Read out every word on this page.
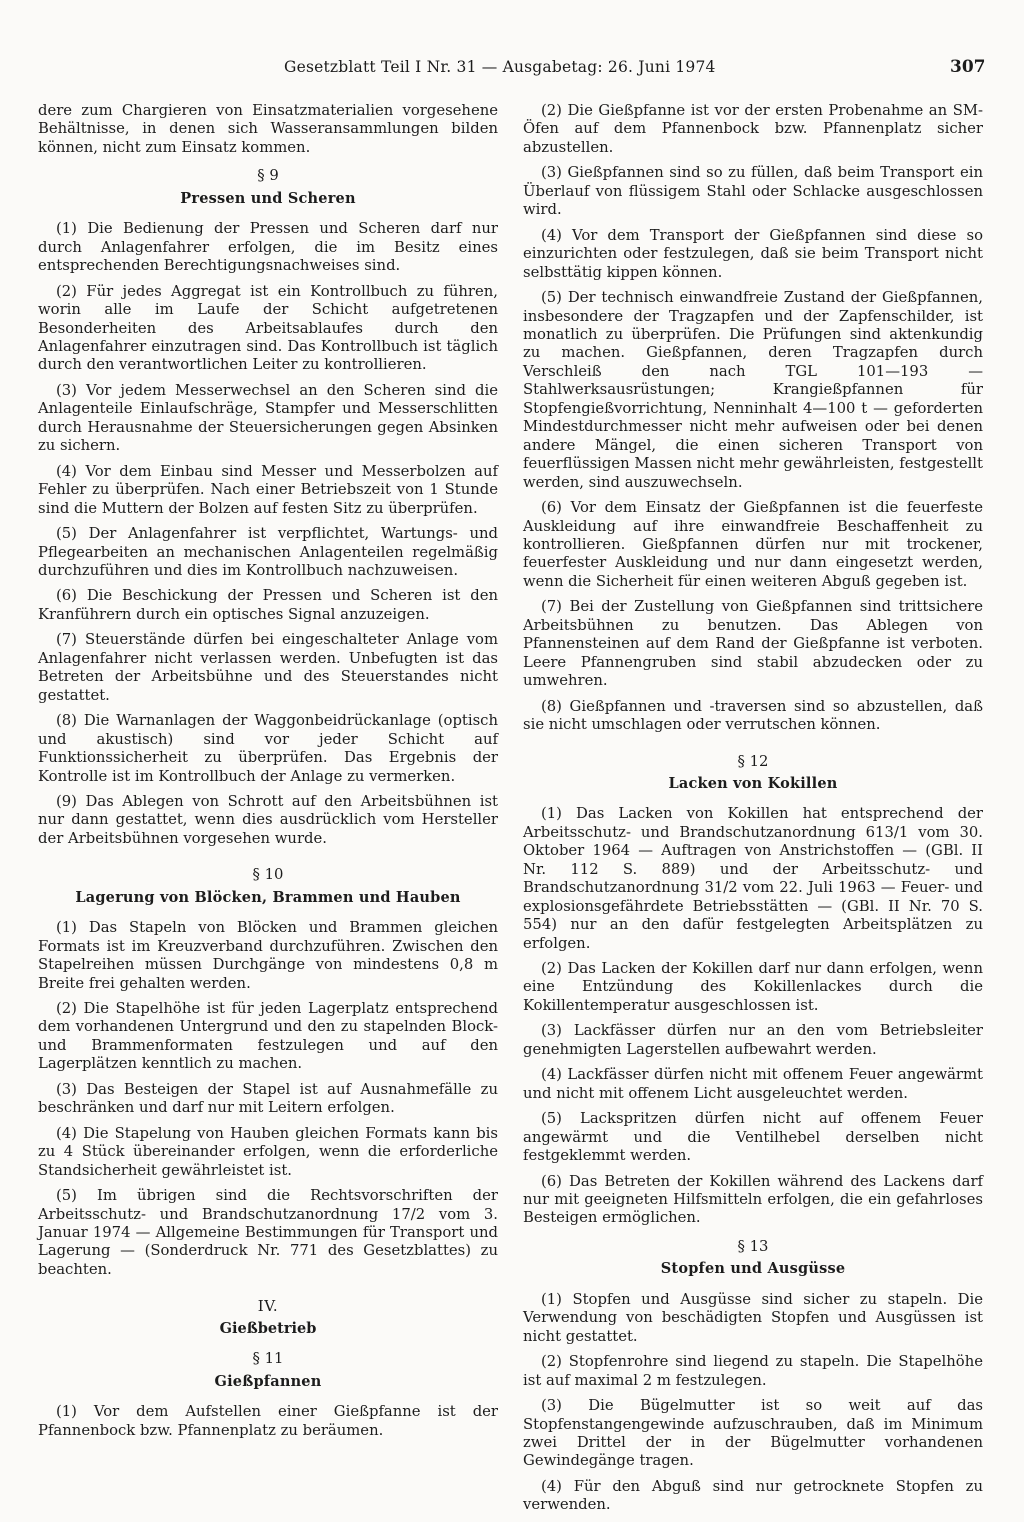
Gesetzblatt Teil I Nr. 31 — Ausgabetag: 26. Juni 1974	307

dere zum Chargieren von Einsatzmaterialien vorgesehene Behältnisse, in denen sich Wasseransammlungen bilden können, nicht zum Einsatz kommen.

§ 9
Pressen und Scheren

(1) Die Bedienung der Pressen und Scheren darf nur durch Anlagenfahrer erfolgen, die im Besitz eines entsprechenden Berechtigungsnachweises sind.

(2) Für jedes Aggregat ist ein Kontrollbuch zu führen, worin alle im Laufe der Schicht aufgetretenen Besonderheiten des Arbeitsablaufes durch den Anlagenfahrer einzutragen sind. Das Kontrollbuch ist täglich durch den verantwortlichen Leiter zu kontrollieren.

(3) Vor jedem Messerwechsel an den Scheren sind die Anlagenteile Einlaufschräge, Stampfer und Messerschlitten durch Herausnahme der Steuersicherungen gegen Absinken zu sichern.

(4) Vor dem Einbau sind Messer und Messerbolzen auf Fehler zu überprüfen. Nach einer Betriebszeit von 1 Stunde sind die Muttern der Bolzen auf festen Sitz zu überprüfen.

(5) Der Anlagenfahrer ist verpflichtet, Wartungs- und Pflegearbeiten an mechanischen Anlagenteilen regelmäßig durchzuführen und dies im Kontrollbuch nachzuweisen.

(6) Die Beschickung der Pressen und Scheren ist den Kranführern durch ein optisches Signal anzuzeigen.

(7) Steuerstände dürfen bei eingeschalteter Anlage vom Anlagenfahrer nicht verlassen werden. Unbefugten ist das Betreten der Arbeitsbühne und des Steuerstandes nicht gestattet.

(8) Die Warnanlagen der Waggonbeidrückanlage (optisch und akustisch) sind vor jeder Schicht auf Funktionssicherheit zu überprüfen. Das Ergebnis der Kontrolle ist im Kontrollbuch der Anlage zu vermerken.

(9) Das Ablegen von Schrott auf den Arbeitsbühnen ist nur dann gestattet, wenn dies ausdrücklich vom Hersteller der Arbeitsbühnen vorgesehen wurde.

§ 10
Lagerung von Blöcken, Brammen und Hauben

(1) Das Stapeln von Blöcken und Brammen gleichen Formats ist im Kreuzverband durchzuführen. Zwischen den Stapelreihen müssen Durchgänge von mindestens 0,8 m Breite frei gehalten werden.

(2) Die Stapelhöhe ist für jeden Lagerplatz entsprechend dem vorhandenen Untergrund und den zu stapelnden Block- und Brammenformaten festzulegen und auf den Lagerplätzen kenntlich zu machen.

(3) Das Besteigen der Stapel ist auf Ausnahmefälle zu beschränken und darf nur mit Leitern erfolgen.

(4) Die Stapelung von Hauben gleichen Formats kann bis zu 4 Stück übereinander erfolgen, wenn die erforderliche Standsicherheit gewährleistet ist.

(5) Im übrigen sind die Rechtsvorschriften der Arbeitsschutz- und Brandschutzanordnung 17/2 vom 3. Januar 1974 — Allgemeine Bestimmungen für Transport und Lagerung — (Sonderdruck Nr. 771 des Gesetzblattes) zu beachten.

IV.
Gießbetrieb
§ 11
Gießpfannen

(1) Vor dem Aufstellen einer Gießpfanne ist der Pfannenbock bzw. Pfannenplatz zu beräumen.

(2) Die Gießpfanne ist vor der ersten Probenahme an SM-Öfen auf dem Pfannenbock bzw. Pfannenplatz sicher abzustellen.

(3) Gießpfannen sind so zu füllen, daß beim Transport ein Überlauf von flüssigem Stahl oder Schlacke ausgeschlossen wird.

(4) Vor dem Transport der Gießpfannen sind diese so einzurichten oder festzulegen, daß sie beim Transport nicht selbsttätig kippen können.

(5) Der technisch einwandfreie Zustand der Gießpfannen, insbesondere der Tragzapfen und der Zapfenschilder, ist monatlich zu überprüfen. Die Prüfungen sind aktenkundig zu machen. Gießpfannen, deren Tragzapfen durch Verschleiß den nach TGL 101—193 — Stahlwerksausrüstungen; Krangießpfannen für Stopfengießvorrichtung, Nenninhalt 4—100 t — geforderten Mindestdurchmesser nicht mehr aufweisen oder bei denen andere Mängel, die einen sicheren Transport von feuerflüssigen Massen nicht mehr gewährleisten, festgestellt werden, sind auszuwechseln.

(6) Vor dem Einsatz der Gießpfannen ist die feuerfeste Auskleidung auf ihre einwandfreie Beschaffenheit zu kontrollieren. Gießpfannen dürfen nur mit trockener, feuerfester Auskleidung und nur dann eingesetzt werden, wenn die Sicherheit für einen weiteren Abguß gegeben ist.

(7) Bei der Zustellung von Gießpfannen sind trittsichere Arbeitsbühnen zu benutzen. Das Ablegen von Pfannensteinen auf dem Rand der Gießpfanne ist verboten. Leere Pfannengruben sind stabil abzudecken oder zu umwehren.

(8) Gießpfannen und -traversen sind so abzustellen, daß sie nicht umschlagen oder verrutschen können.

§ 12
Lacken von Kokillen

(1) Das Lacken von Kokillen hat entsprechend der Arbeitsschutz- und Brandschutzanordnung 613/1 vom 30. Oktober 1964 — Auftragen von Anstrichstoffen — (GBl. II Nr. 112 S. 889) und der Arbeitsschutz- und Brandschutzanordnung 31/2 vom 22. Juli 1963 — Feuer- und explosionsgefährdete Betriebsstätten — (GBl. II Nr. 70 S. 554) nur an den dafür festgelegten Arbeitsplätzen zu erfolgen.

(2) Das Lacken der Kokillen darf nur dann erfolgen, wenn eine Entzündung des Kokillenlackes durch die Kokillentemperatur ausgeschlossen ist.

(3) Lackfässer dürfen nur an den vom Betriebsleiter genehmigten Lagerstellen aufbewahrt werden.

(4) Lackfässer dürfen nicht mit offenem Feuer angewärmt und nicht mit offenem Licht ausgeleuchtet werden.

(5) Lackspritzen dürfen nicht auf offenem Feuer angewärmt und die Ventilhebel derselben nicht festgeklemmt werden.

(6) Das Betreten der Kokillen während des Lackens darf nur mit geeigneten Hilfsmitteln erfolgen, die ein gefahrloses Besteigen ermöglichen.

§ 13
Stopfen und Ausgüsse

(1) Stopfen und Ausgüsse sind sicher zu stapeln. Die Verwendung von beschädigten Stopfen und Ausgüssen ist nicht gestattet.

(2) Stopfenrohre sind liegend zu stapeln. Die Stapelhöhe ist auf maximal 2 m festzulegen.

(3) Die Bügelmutter ist so weit auf das Stopfenstangengewinde aufzuschrauben, daß im Minimum zwei Drittel der in der Bügelmutter vorhandenen Gewindegänge tragen.

(4) Für den Abguß sind nur getrocknete Stopfen zu verwenden.
